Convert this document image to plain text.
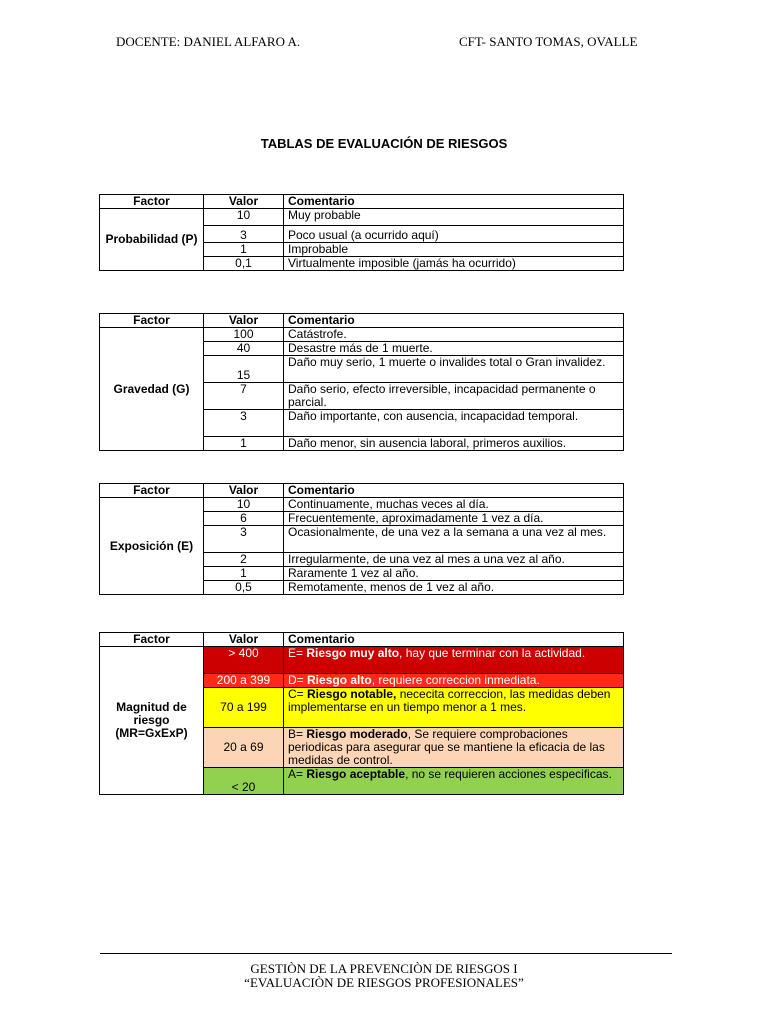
DOCENTE: DANIEL ALFARO A.	CFT- SANTO TOMAS, OVALLE
TABLAS DE EVALUACIÓN DE RIESGOS
Factor	Valor	Comentario
Probabilidad (P)	10	Muy probable
	3	Poco usual (a ocurrido aquí)
	1	Improbable
	0,1	Virtualmente imposible (jamás ha ocurrido)
Factor	Valor	Comentario
Gravedad (G)	100	Catástrofe.
	40	Desastre más de 1 muerte.
	15	Daño muy serio, 1 muerte o invalides total o Gran invalidez.
	7	Daño serio, efecto irreversible, incapacidad permanente o parcial.
	3	Daño importante, con ausencia, incapacidad temporal.
	1	Daño menor, sin ausencia laboral, primeros auxilios.
Factor	Valor	Comentario
Exposición (E)	10	Continuamente, muchas veces al día.
	6	Frecuentemente, aproximadamente 1 vez a día.
	3	Ocasionalmente, de una vez a la semana a una vez al mes.
	2	Irregularmente, de una vez al mes a una vez al año.
	1	Raramente 1 vez al año.
	0,5	Remotamente, menos de 1 vez al año.
Factor	Valor	Comentario
Magnitud de riesgo (MR=GxExP)	> 400	E= Riesgo muy alto, hay que terminar con la actividad.
	200 a 399	D= Riesgo alto, requiere correccion inmediata.
	70 a 199	C= Riesgo notable, nececita correccion, las medidas deben implementarse en un tiempo menor a 1 mes.
	20 a 69	B= Riesgo moderado, Se requiere comprobaciones periodicas para asegurar que se mantiene la eficacia de las medidas de control.
	< 20	A= Riesgo aceptable, no se requieren acciones especificas.
GESTIÒN DE LA PREVENCIÒN DE RIESGOS I
“EVALUACIÒN DE RIESGOS PROFESIONALES”
